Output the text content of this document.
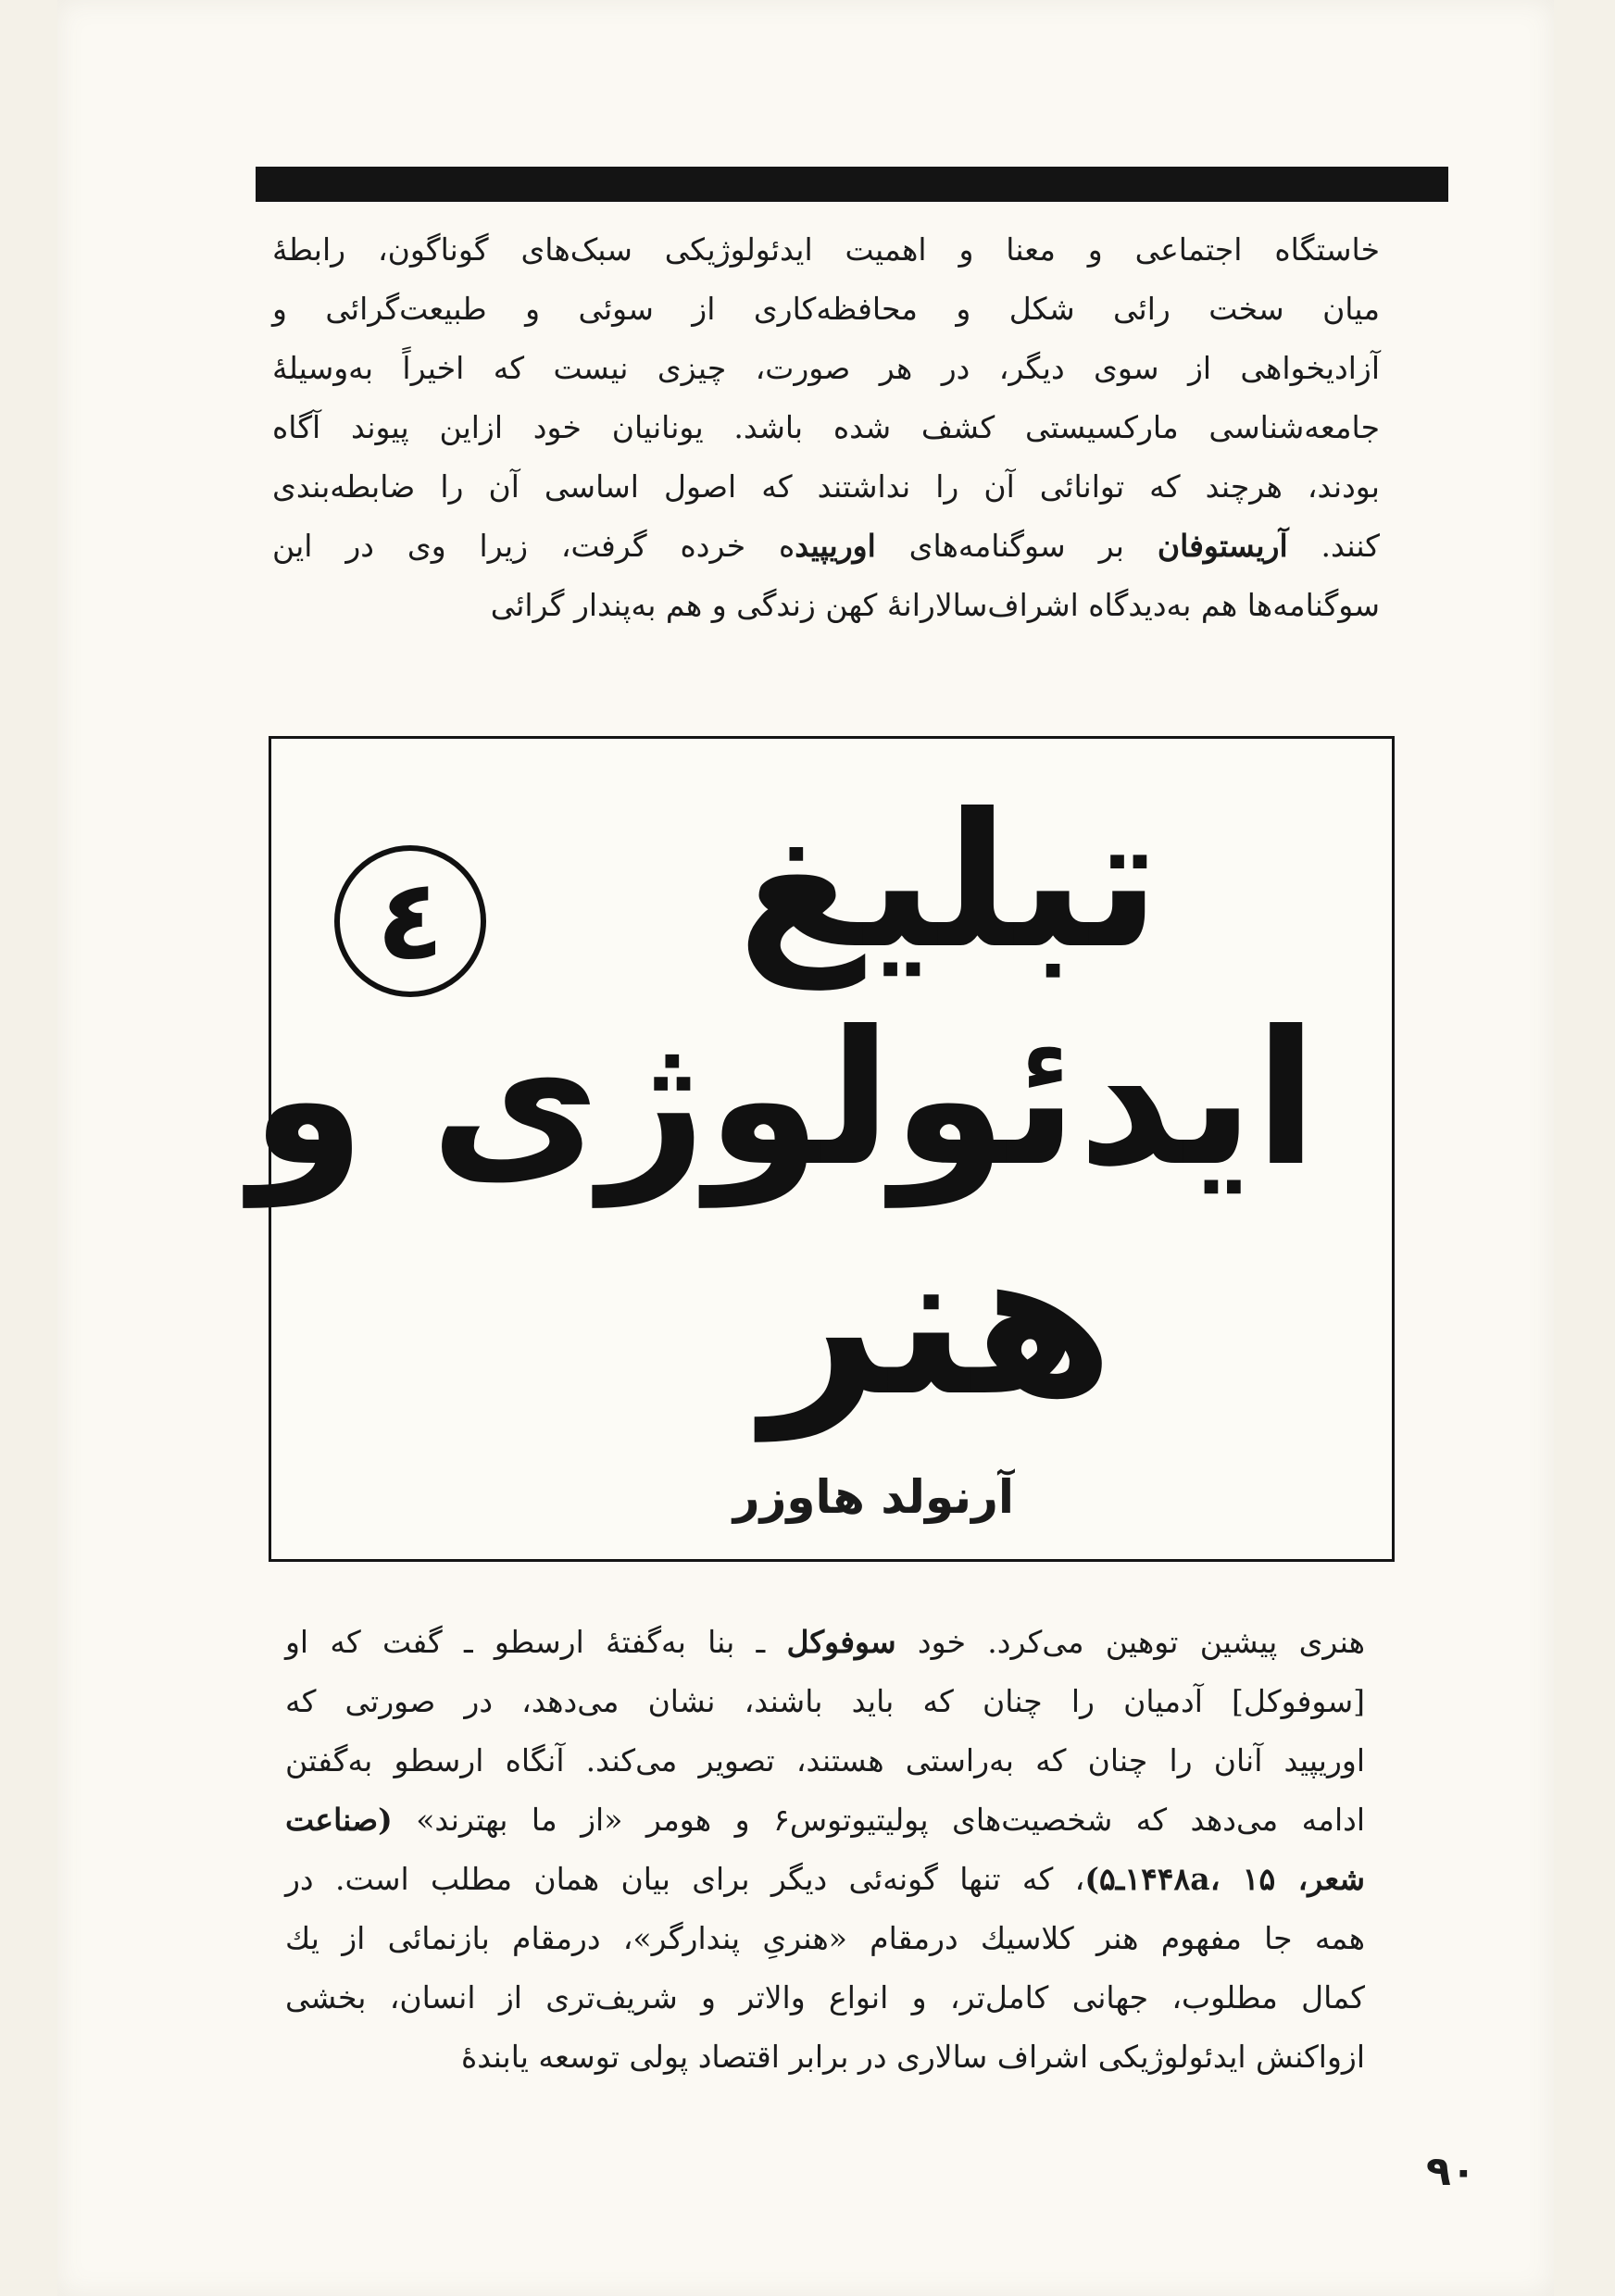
خاستگاه اجتماعی و معنا و اهمیت ایدئولوژیکی سبک‌های گوناگون، رابطهٔ
میان سخت رائی شکل و محافظه‌کاری از سوئی و طبیعت‌گرائی و
آزادیخواهی از سوی دیگر، در هر صورت، چیزی نیست که اخیراً به‌وسیلهٔ
جامعه‌شناسی مارکسیستی کشف شده باشد. یونانیان خود ازاین پیوند آگاه
بودند، هرچند که توانائی آن را نداشتند که اصول اساسی آن را ضابطه‌بندی
کنند. آریستوفان بر سوگنامه‌های اوریپیده خرده گرفت، زیرا وی در این
سوگنامه‌ها هم به‌دیدگاه اشراف‌سالارانهٔ کهن زندگی و هم به‌پندار گرائی
تبلیغ
٤
ایدئولوژی و
هنر
آرنولد هاوزر
هنری پیشین توهین می‌کرد. خود سوفوکل ـ بنا به‌گفتهٔ ارسطو ـ گفت که او
[سوفوکل] آدمیان را چنان که باید باشند، نشان می‌دهد، در صورتی که
اوریپید آنان را چنان که به‌راستی هستند، تصویر می‌کند. آنگاه ارسطو به‌گفتن
ادامه می‌دهد که شخصیت‌های پولیتیوتوس۶ و هومر «از ما بهترند» (صناعت
شعر، ۱۴۴۸a، ۱۵ـ۵)، که تنها گونه‌ئی دیگر برای بیان همان مطلب است. در
همه جا مفهوم هنر کلاسیك درمقام «هنریِ پندارگر»، درمقام بازنمائی از يك
کمال مطلوب، جهانی کامل‌تر، و انواع والاتر و شریف‌تری از انسان، بخشی
ازواکنش ایدئولوژیکی اشراف سالاری در برابر اقتصاد پولی توسعه یابندهٔ
۹۰
